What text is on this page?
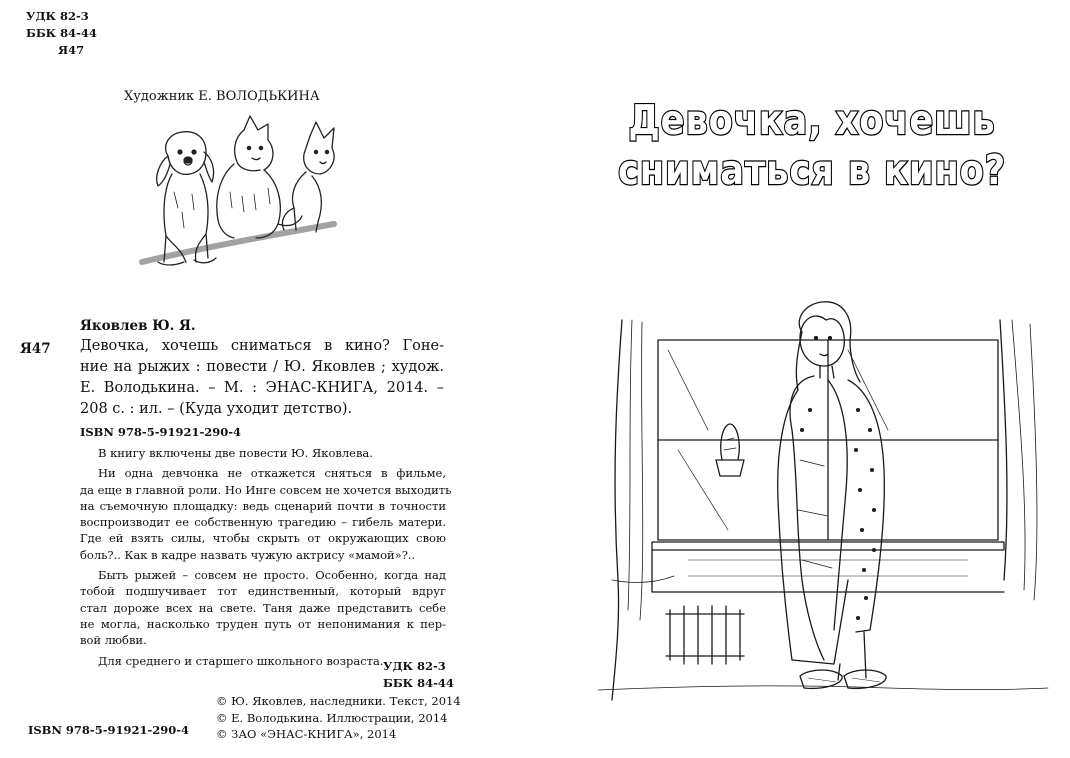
УДК 82-3
ББК 84-44
Я47
Художник Е. ВОЛОДЬКИНА
Яковлев Ю. Я.
Я47 Девочка, хочешь сниматься в кино? Гоне-
ние на рыжих : повести / Ю. Яковлев ; худож.
Е. Володькина. – М. : ЭНАС-КНИГА, 2014. –
208 с. : ил. – (Куда уходит детство).
ISBN 978-5-91921-290-4
В книгу включены две повести Ю. Яковлева.
Ни одна девчонка не откажется сняться в фильме,
да еще в главной роли. Но Инге совсем не хочется выходить
на съемочную площадку: ведь сценарий почти в точности
воспроизводит ее собственную трагедию – гибель матери.
Где ей взять силы, чтобы скрыть от окружающих свою
боль?.. Как в кадре назвать чужую актрису «мамой»?..
Быть рыжей – совсем не просто. Особенно, когда над
тобой подшучивает тот единственный, который вдруг
стал дороже всех на свете. Таня даже представить себе
не могла, насколько труден путь от непонимания к пер-
вой любви.
Для среднего и старшего школьного возраста. УДК 82-3
ББК 84-44
ISBN 978-5-91921-290-4
© Ю. Яковлев, наследники. Текст, 2014
© Е. Володькина. Иллюстрации, 2014
© ЗАО «ЭНАС-КНИГА», 2014
Девочка, хочешь
сниматься в кино?
